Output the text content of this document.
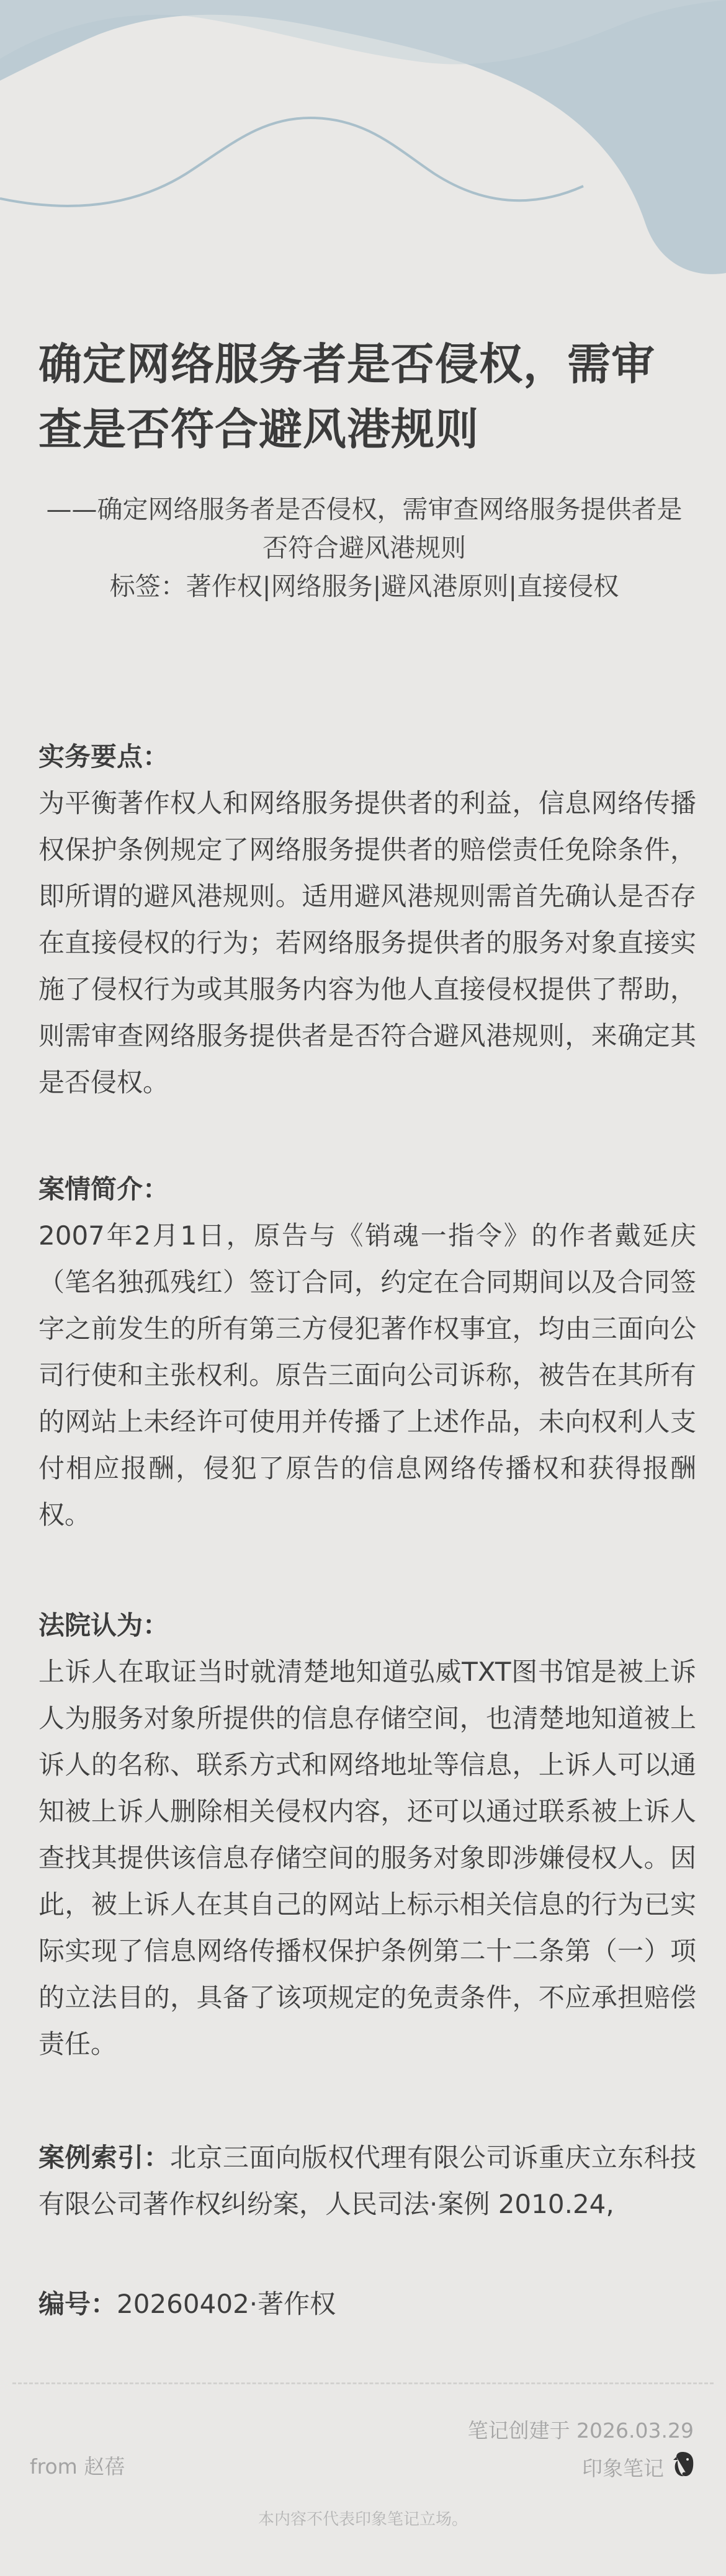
确定网络服务者是否侵权，需审查是否符合避风港规则
——确定网络服务者是否侵权，需审查网络服务提供者是否符合避风港规则
标签：著作权|网络服务|避风港原则|直接侵权
实务要点：

为平衡著作权人和网络服务提供者的利益，信息网络传播权保护条例规定了网络服务提供者的赔偿责任免除条件，即所谓的避风港规则。适用避风港规则需首先确认是否存在直接侵权的行为；若网络服务提供者的服务对象直接实施了侵权行为或其服务内容为他人直接侵权提供了帮助，则需审查网络服务提供者是否符合避风港规则，来确定其是否侵权。

案情简介：

2007年2月1日，原告与《销魂一指令》的作者戴延庆（笔名独孤残红）签订合同，约定在合同期间以及合同签字之前发生的所有第三方侵犯著作权事宜，均由三面向公司行使和主张权利。原告三面向公司诉称，被告在其所有的网站上未经许可使用并传播了上述作品，未向权利人支付相应报酬，侵犯了原告的信息网络传播权和获得报酬权。

法院认为：

上诉人在取证当时就清楚地知道弘威TXT图书馆是被上诉人为服务对象所提供的信息存储空间，也清楚地知道被上诉人的名称、联系方式和网络地址等信息，上诉人可以通知被上诉人删除相关侵权内容，还可以通过联系被上诉人查找其提供该信息存储空间的服务对象即涉嫌侵权人。因此，被上诉人在其自己的网站上标示相关信息的行为已实际实现了信息网络传播权保护条例第二十二条第（一）项的立法目的，具备了该项规定的免责条件，不应承担赔偿责任。

案例索引：北京三面向版权代理有限公司诉重庆立东科技有限公司著作权纠纷案，人民司法·案例 2010.24,

编号：20260402·著作权

from 赵蓓
笔记创建于 2026.03.29
印象笔记
本内容不代表印象笔记立场。
